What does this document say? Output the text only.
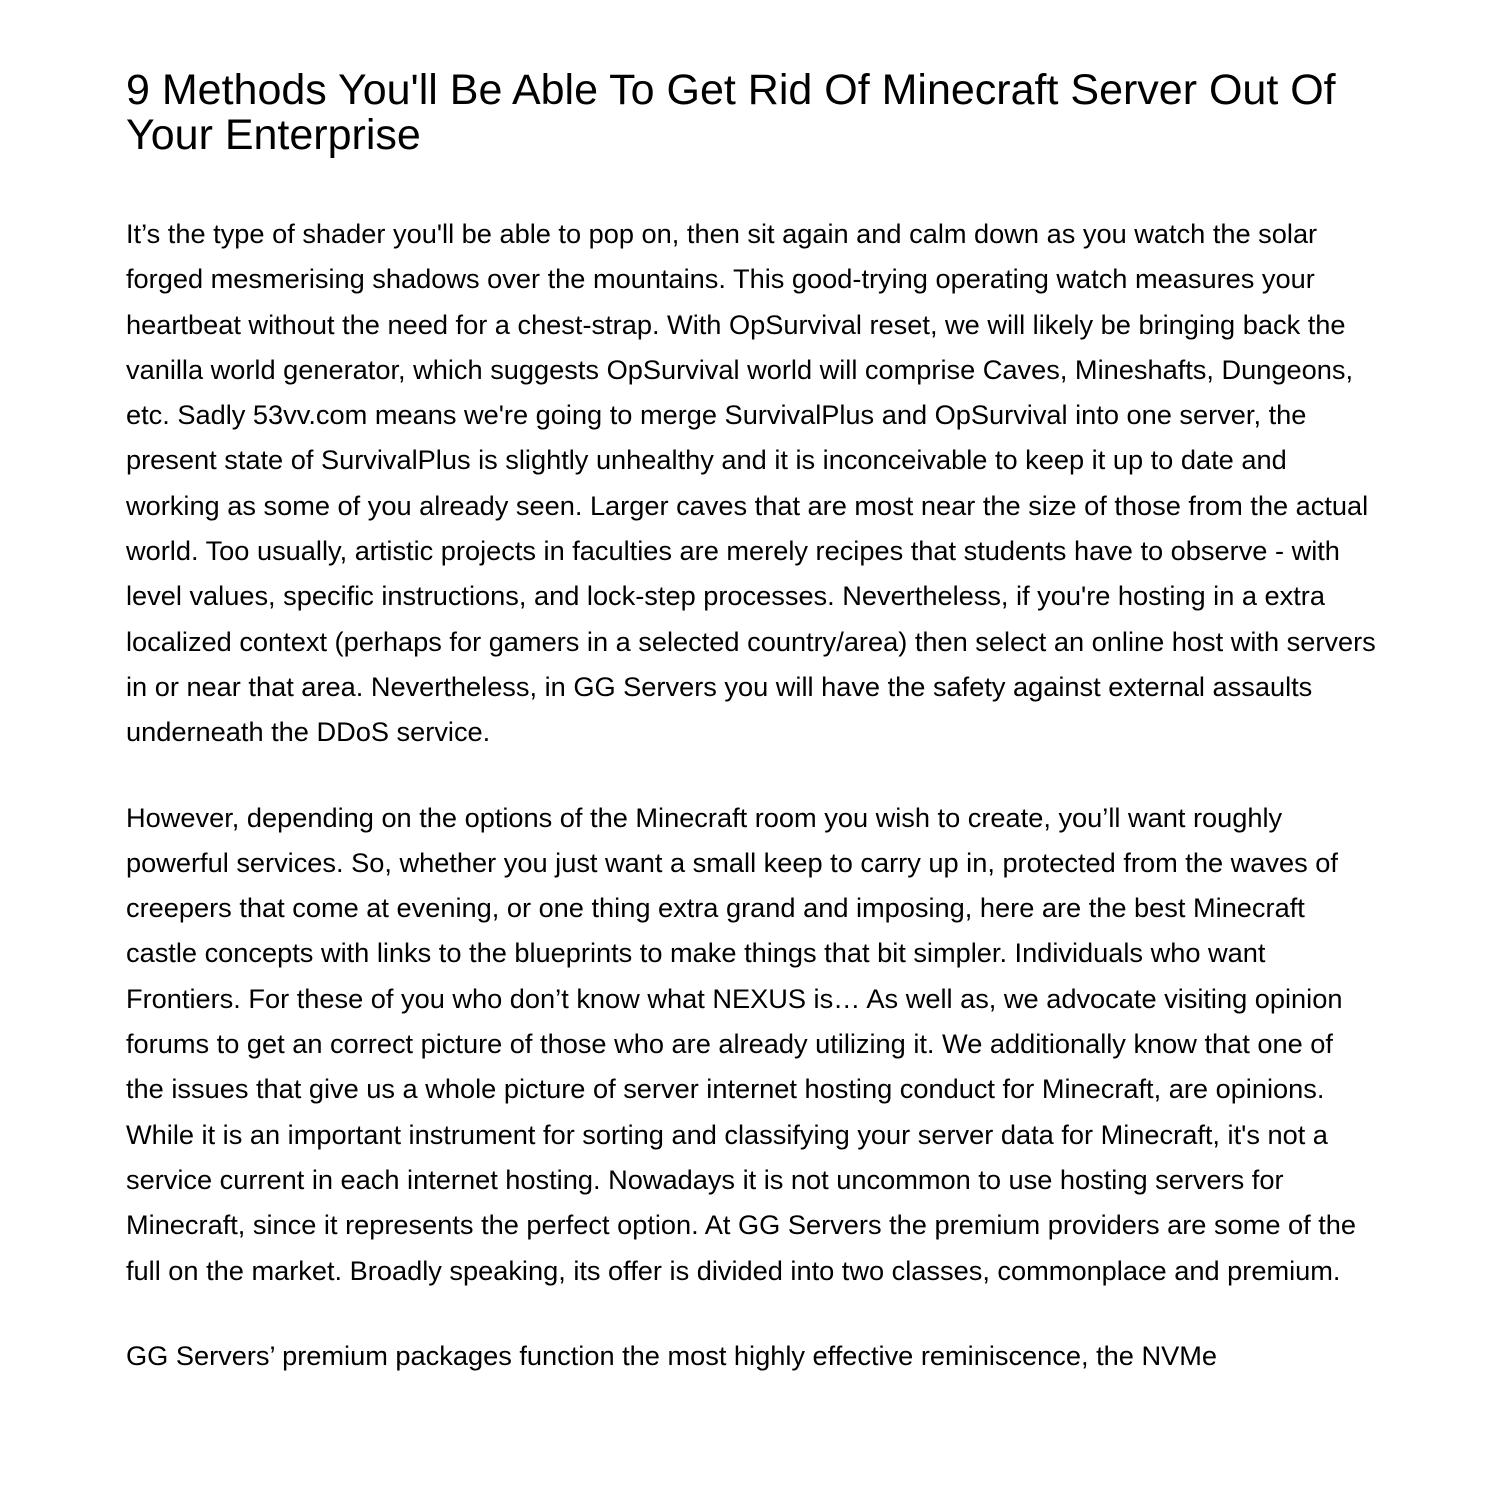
9 Methods You'll Be Able To Get Rid Of Minecraft Server Out Of Your Enterprise

It’s the type of shader you'll be able to pop on, then sit again and calm down as you watch the solar forged mesmerising shadows over the mountains. This good-trying operating watch measures your heartbeat without the need for a chest-strap. With OpSurvival reset, we will likely be bringing back the vanilla world generator, which suggests OpSurvival world will comprise Caves, Mineshafts, Dungeons, etc. Sadly 53vv.com means we're going to merge SurvivalPlus and OpSurvival into one server, the present state of SurvivalPlus is slightly unhealthy and it is inconceivable to keep it up to date and working as some of you already seen. Larger caves that are most near the size of those from the actual world. Too usually, artistic projects in faculties are merely recipes that students have to observe - with level values, specific instructions, and lock-step processes. Nevertheless, if you're hosting in a extra localized context (perhaps for gamers in a selected country/area) then select an online host with servers in or near that area. Nevertheless, in GG Servers you will have the safety against external assaults underneath the DDoS service.

However, depending on the options of the Minecraft room you wish to create, you’ll want roughly powerful services. So, whether you just want a small keep to carry up in, protected from the waves of creepers that come at evening, or one thing extra grand and imposing, here are the best Minecraft castle concepts with links to the blueprints to make things that bit simpler. Individuals who want Frontiers. For these of you who don’t know what NEXUS is… As well as, we advocate visiting opinion forums to get an correct picture of those who are already utilizing it. We additionally know that one of the issues that give us a whole picture of server internet hosting conduct for Minecraft, are opinions. While it is an important instrument for sorting and classifying your server data for Minecraft, it's not a service current in each internet hosting. Nowadays it is not uncommon to use hosting servers for Minecraft, since it represents the perfect option. At GG Servers the premium providers are some of the full on the market. Broadly speaking, its offer is divided into two classes, commonplace and premium.

GG Servers’ premium packages function the most highly effective reminiscence, the NVMe
